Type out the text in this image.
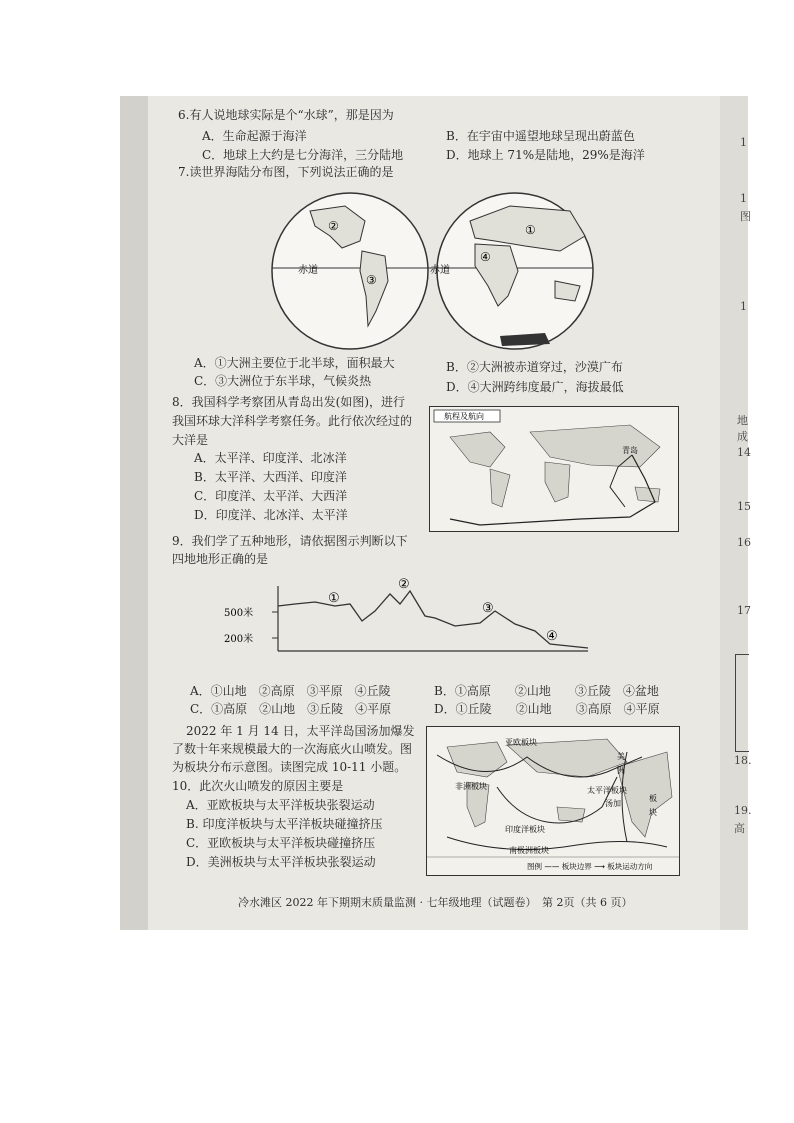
6.有人说地球实际是个“水球”，那是因为
A．生命起源于海洋	B．在宇宙中遥望地球呈现出蔚蓝色
C．地球上大约是七分海洋，三分陆地	D．地球上 71%是陆地，29%是海洋
7.读世界海陆分布图，下列说法正确的是
赤道	赤道
①
②
③
④
A．①大洲主要位于北半球，面积最大	B．②大洲被赤道穿过，沙漠广布
C．③大洲位于东半球，气候炎热	D．④大洲跨纬度最广，海拔最低
8．我国科学考察团从青岛出发(如图)，进行
我国环球大洋科学考察任务。此行依次经过的
大洋是
A．太平洋、印度洋、北冰洋
B．太平洋、大西洋、印度洋
C．印度洋、太平洋、大西洋
D．印度洋、北冰洋、太平洋
航程及航向
青岛
9．我们学了五种地形，请依据图示判断以下
四地地形正确的是
500米
200米
①
②
③
④
A．①山地　②高原　③平原　④丘陵	B．①高原　　②山地　　③丘陵　④盆地
C．①高原　②山地　③丘陵　④平原	D．①丘陵　　②山地　　③高原　④平原
2022 年 1 月 14 日，太平洋岛国汤加爆发
了数十年来规模最大的一次海底火山喷发。图
为板块分布示意图。读图完成 10-11 小题。
10．此次火山喷发的原因主要是
A．亚欧板块与太平洋板块张裂运动
B. 印度洋板块与太平洋板块碰撞挤压
C．亚欧板块与太平洋板块碰撞挤压
D．美洲板块与太平洋板块张裂运动
亚欧板块
非洲板块	太平洋板块
汤加
印度洋板块
南极洲板块
美
洲
板
块
图例 —— 板块边界 ⟶ 板块运动方向
冷水滩区 2022 年下期期末质量监测 · 七年级地理（试题卷）　第 2页（共 6 页）
1
1
图
1
地
成
14
15
16
17
18.
19.
高
